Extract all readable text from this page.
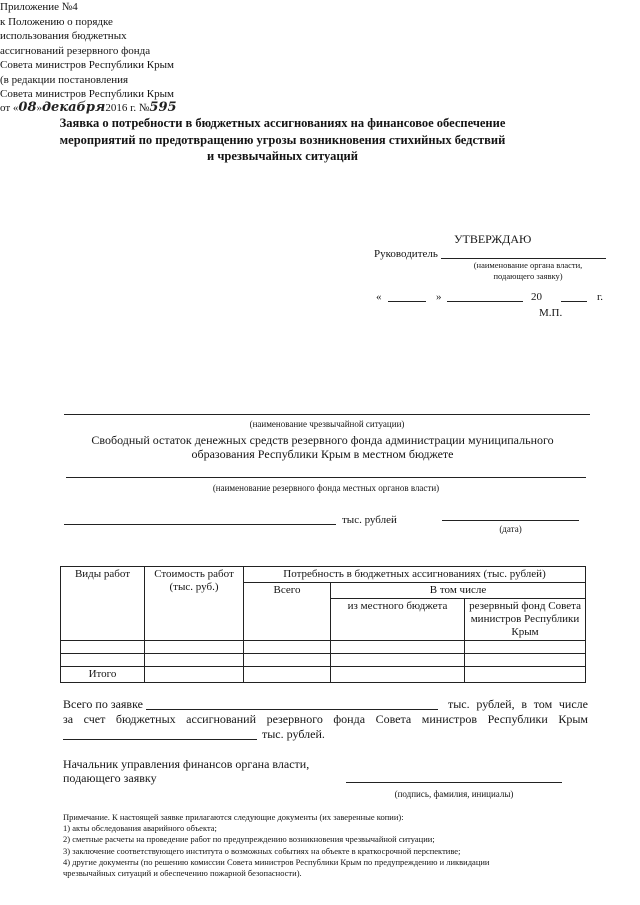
Приложение №4
к Положению о порядке
использования бюджетных
ассигнований резервного фонда
Совета министров Республики Крым
(в редакции постановления
Совета министров Республики Крым
от «08»декабря2016 г. №595
УТВЕРЖДАЮ
Руководитель
(наименование органа власти,
подающего заявку)
«	»	20	г.
М.П.
Заявка о потребности в бюджетных ассигнованиях на финансовое обеспечение
мероприятий по предотвращению угрозы возникновения стихийных бедствий
и чрезвычайных ситуаций
(наименование чрезвычайной ситуации)
Свободный остаток денежных средств резервного фонда администрации муниципального
образования Республики Крым в местном бюджете
(наименование резервного фонда местных органов власти)
тыс. рублей
(дата)
Виды работ	Стоимость работ (тыс. руб.)	Потребность в бюджетных ассигнованиях (тыс. рублей)		
		Всего	В том числе	
			из местного бюджета	резервный фонд Совета министров Республики Крым

Итого				
Всего по заявке	тыс. рублей, в том числе
за счет бюджетных ассигнований резервного фонда Совета министров Республики Крым
тыс. рублей.
Начальник управления финансов органа власти,
подающего заявку
(подпись, фамилия, инициалы)
Примечание. К настоящей заявке прилагаются следующие документы (их заверенные копии):
1) акты обследования аварийного объекта;
2) сметные расчеты на проведение работ по предупреждению возникновения чрезвычайной ситуации;
3) заключение соответствующего института о возможных событиях на объекте в краткосрочной перспективе;
4) другие документы (по решению комиссии Совета министров Республики Крым по предупреждению и ликвидации
чрезвычайных ситуаций и обеспечению пожарной безопасности).
